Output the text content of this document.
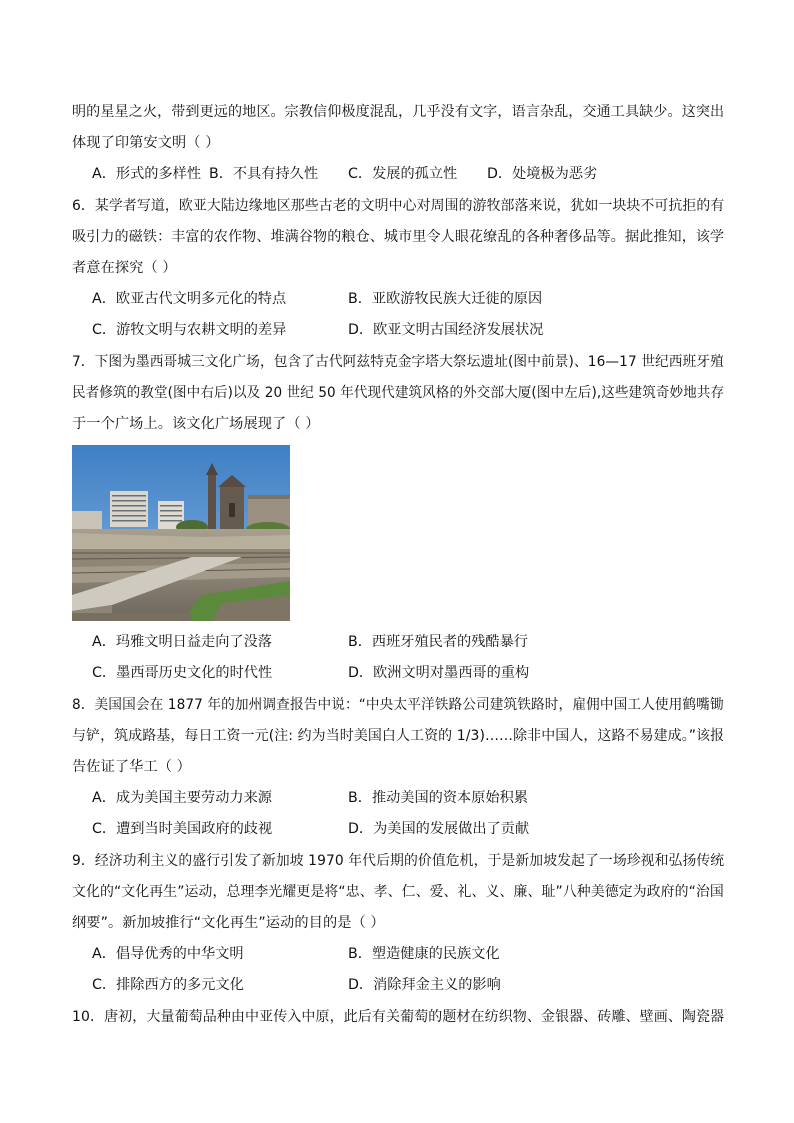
明的星星之火，带到更远的地区。宗教信仰极度混乱，几乎没有文字，语言杂乱，交通工具缺少。这突出
体现了印第安文明（ ）
A．形式的多样性 B．不具有持久性 C．发展的孤立性 D．处境极为恶劣
6．某学者写道，欧亚大陆边缘地区那些古老的文明中心对周围的游牧部落来说，犹如一块块不可抗拒的有
吸引力的磁铁：丰富的农作物、堆满谷物的粮仓、城市里令人眼花缭乱的各种奢侈品等。据此推知，该学
者意在探究（ ）
A．欧亚古代文明多元化的特点	B．亚欧游牧民族大迁徙的原因
C．游牧文明与农耕文明的差异	D．欧亚文明古国经济发展状况
7．下图为墨西哥城三文化广场，包含了古代阿兹特克金字塔大祭坛遗址(图中前景)、16—17 世纪西班牙殖
民者修筑的教堂(图中右后)以及 20 世纪 50 年代现代建筑风格的外交部大厦(图中左后),这些建筑奇妙地共存
于一个广场上。该文化广场展现了（ ）
A．玛雅文明日益走向了没落	B．西班牙殖民者的残酷暴行
C．墨西哥历史文化的时代性	D．欧洲文明对墨西哥的重构
8．美国国会在 1877 年的加州调查报告中说：“中央太平洋铁路公司建筑铁路时，雇佣中国工人使用鹤嘴锄
与铲，筑成路基，每日工资一元(注: 约为当时美国白人工资的 1/3)……除非中国人，这路不易建成。”该报
告佐证了华工（ ）
A．成为美国主要劳动力来源	B．推动美国的资本原始积累
C．遭到当时美国政府的歧视	D．为美国的发展做出了贡献
9．经济功利主义的盛行引发了新加坡 1970 年代后期的价值危机，于是新加坡发起了一场珍视和弘扬传统
文化的“文化再生”运动，总理李光耀更是将“忠、孝、仁、爱、礼、义、廉、耻”八种美德定为政府的“治国
纲要”。新加坡推行“文化再生”运动的目的是（ ）
A．倡导优秀的中华文明	B．塑造健康的民族文化
C．排除西方的多元文化	D．消除拜金主义的影响
10．唐初，大量葡萄品种由中亚传入中原，此后有关葡萄的题材在纺织物、金银器、砖雕、壁画、陶瓷器
